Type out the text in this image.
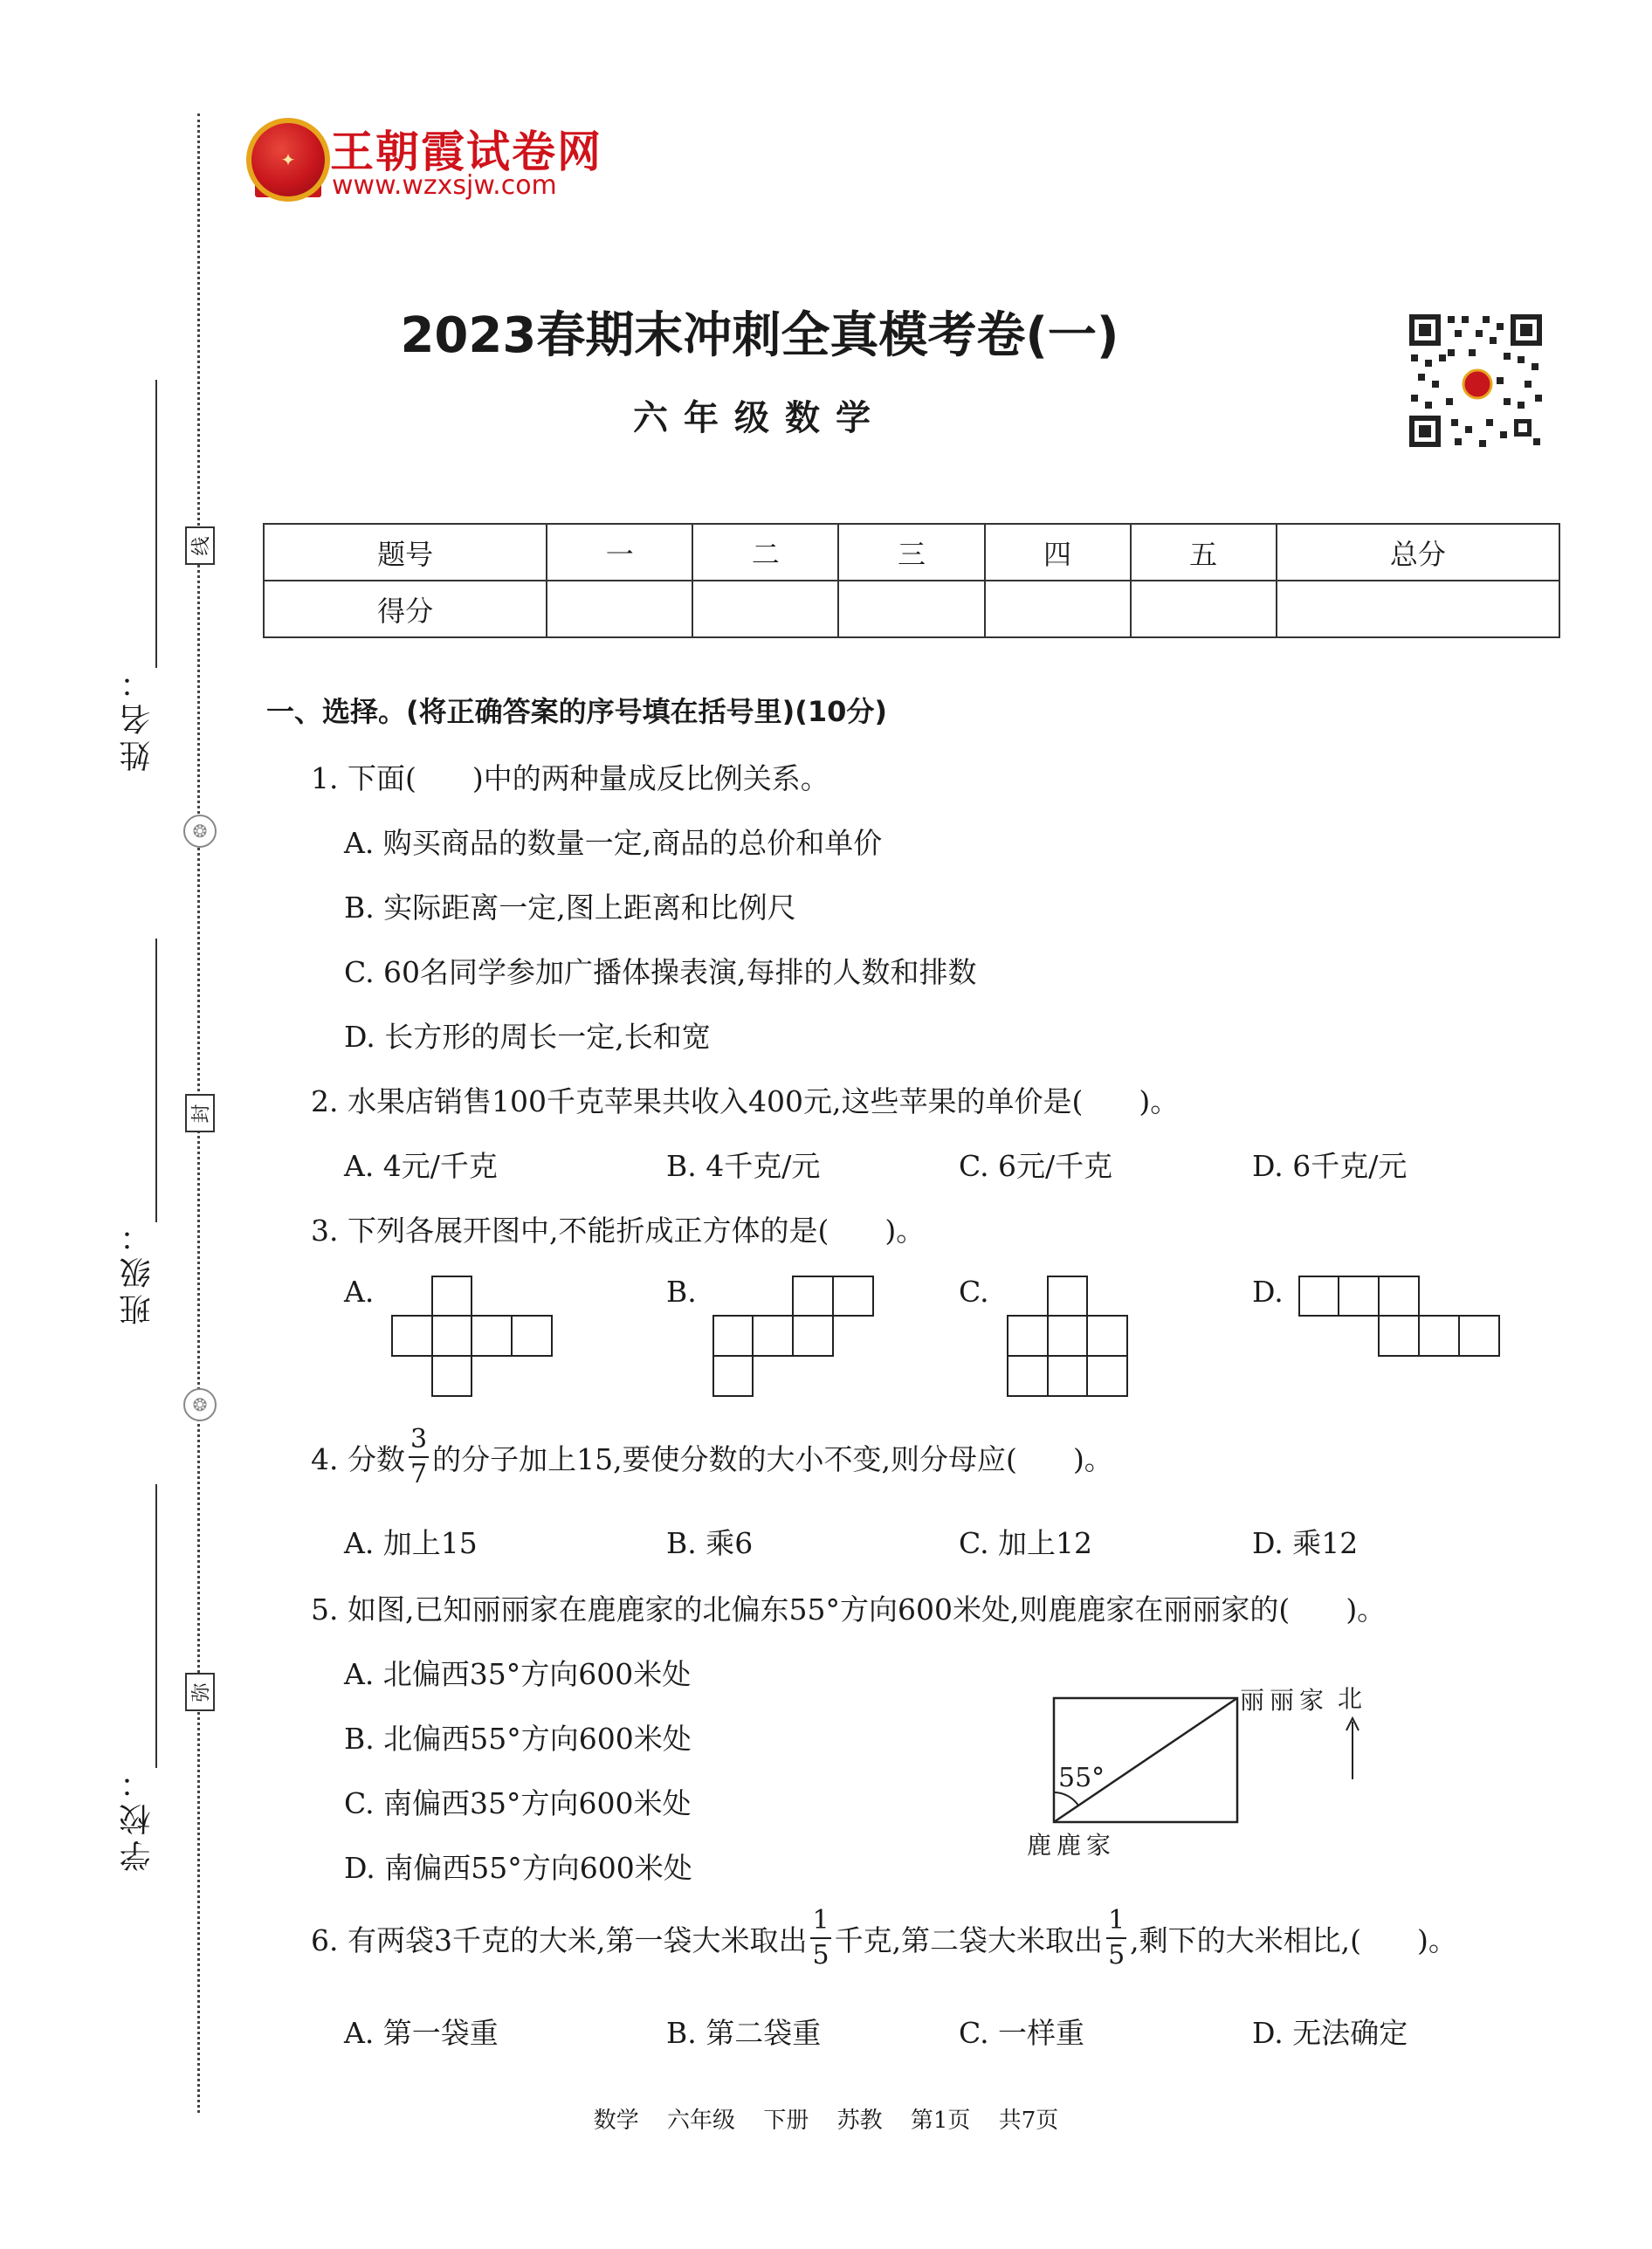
线
❂
封
❂
弥
姓名：
班级：
学校：
✦ 王朝霞试卷网
www.wzxsjw.com
2023春期末冲刺全真模考卷(一)
六年级数学
题号	一	二	三	四	五	总分
得分						
一、选择。(将正确答案的序号填在括号里)(10分)
1. 下面( )中的两种量成反比例关系。
A. 购买商品的数量一定,商品的总价和单价
B. 实际距离一定,图上距离和比例尺
C. 60名同学参加广播体操表演,每排的人数和排数
D. 长方形的周长一定,长和宽
2. 水果店销售100千克苹果共收入400元,这些苹果的单价是( )。
A. 4元/千克	B. 4千克/元	C. 6元/千克	D. 6千克/元
3. 下列各展开图中,不能折成正方体的是( )。
A.	B.	C.	D.
4. 分数 $\frac{3}{7}$ 的分子加上15,要使分数的大小不变,则分母应( )。
A. 加上15	B. 乘6	C. 加上12	D. 乘12
5. 如图,已知丽丽家在鹿鹿家的北偏东55°方向600米处,则鹿鹿家在丽丽家的( )。
A. 北偏西35°方向600米处
B. 北偏西55°方向600米处
C. 南偏西35°方向600米处
D. 南偏西55°方向600米处
55°
丽丽家 北
鹿鹿家
6. 有两袋3千克的大米,第一袋大米取出 $\frac{1}{5}$ 千克,第二袋大米取出 $\frac{1}{5}$ ,剩下的大米相比,( )。
A. 第一袋重	B. 第二袋重	C. 一样重	D. 无法确定
数学 六年级 下册 苏教 第1页 共7页
